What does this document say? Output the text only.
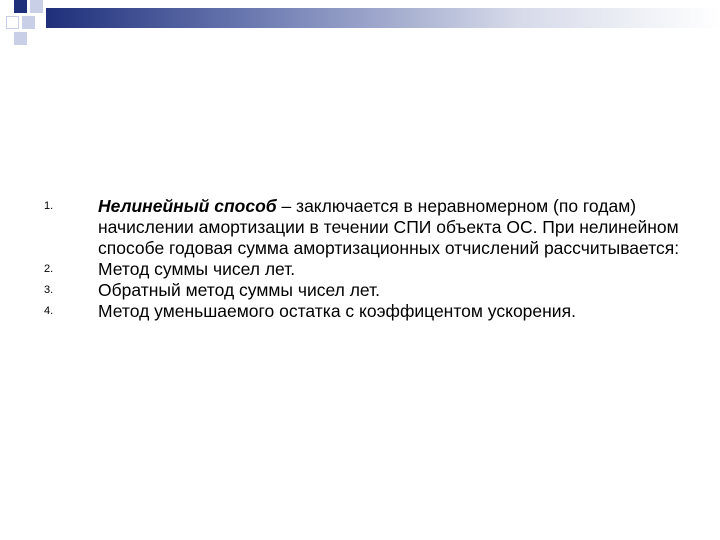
1.	Нелинейный способ – заключается в неравномерном (по годам) начислении амортизации в течении СПИ объекта ОС. При нелинейном способе годовая сумма амортизационных отчислений рассчитывается:
2.	Метод суммы чисел лет.
3.	Обратный метод суммы чисел лет.
4.	Метод уменьшаемого остатка с коэффицентом ускорения.
